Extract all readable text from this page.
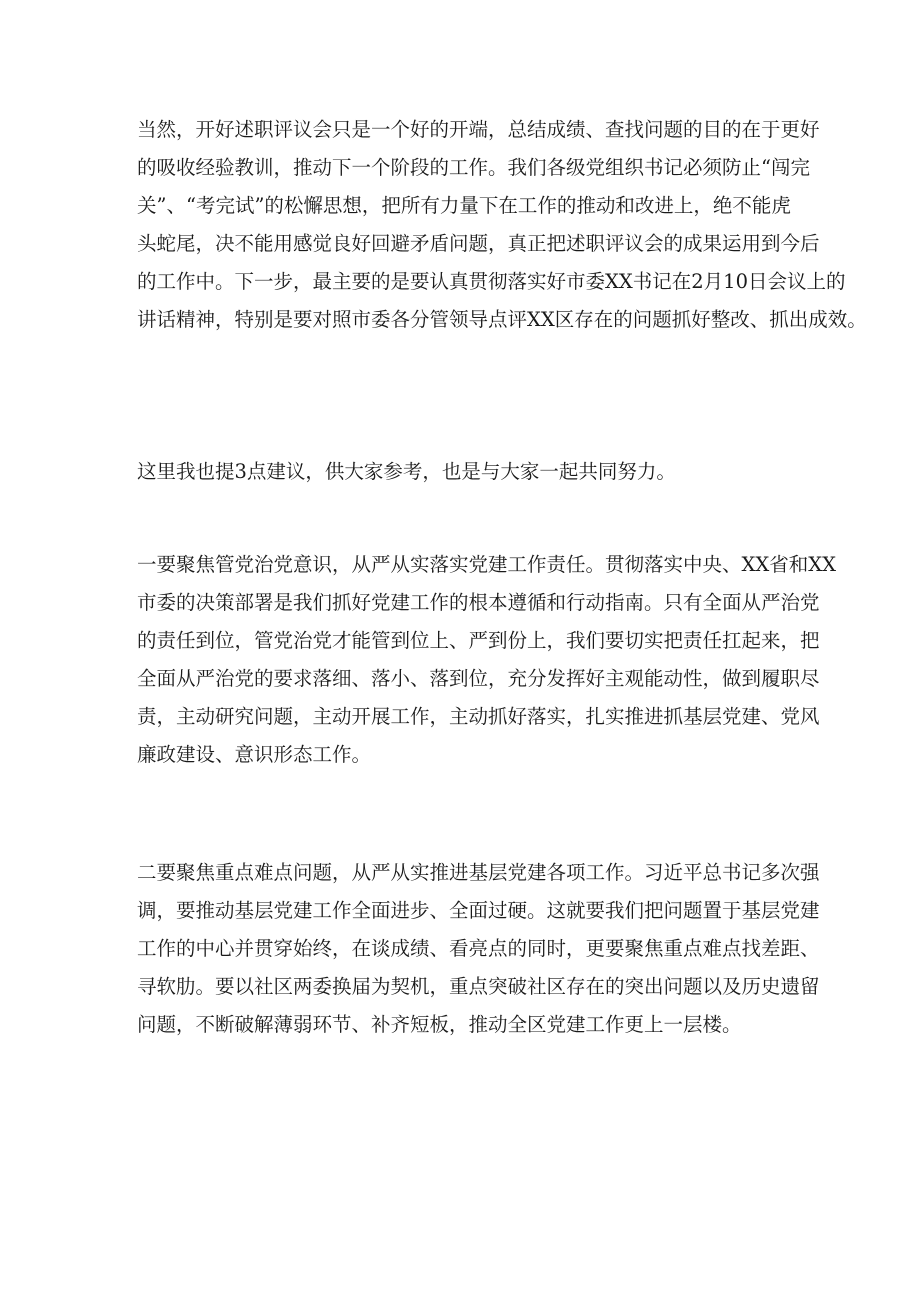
当然，开好述职评议会只是一个好的开端，总结成绩、查找问题的目的在于更好
的吸收经验教训，推动下一个阶段的工作。我们各级党组织书记必须防止“闯完
关”、“考完试”的松懈思想，把所有力量下在工作的推动和改进上，绝不能虎
头蛇尾，决不能用感觉良好回避矛盾问题，真正把述职评议会的成果运用到今后
的工作中。下一步，最主要的是要认真贯彻落实好市委XX书记在2月10日会议上的
讲话精神，特别是要对照市委各分管领导点评XX区存在的问题抓好整改、抓出成效。
这里我也提3点建议，供大家参考，也是与大家一起共同努力。
一要聚焦管党治党意识，从严从实落实党建工作责任。贯彻落实中央、XX省和XX
市委的决策部署是我们抓好党建工作的根本遵循和行动指南。只有全面从严治党
的责任到位，管党治党才能管到位上、严到份上，我们要切实把责任扛起来，把
全面从严治党的要求落细、落小、落到位，充分发挥好主观能动性，做到履职尽
责，主动研究问题，主动开展工作，主动抓好落实，扎实推进抓基层党建、党风
廉政建设、意识形态工作。
二要聚焦重点难点问题，从严从实推进基层党建各项工作。习近平总书记多次强
调，要推动基层党建工作全面进步、全面过硬。这就要我们把问题置于基层党建
工作的中心并贯穿始终，在谈成绩、看亮点的同时，更要聚焦重点难点找差距、
寻软肋。要以社区两委换届为契机，重点突破社区存在的突出问题以及历史遗留
问题，不断破解薄弱环节、补齐短板，推动全区党建工作更上一层楼。
